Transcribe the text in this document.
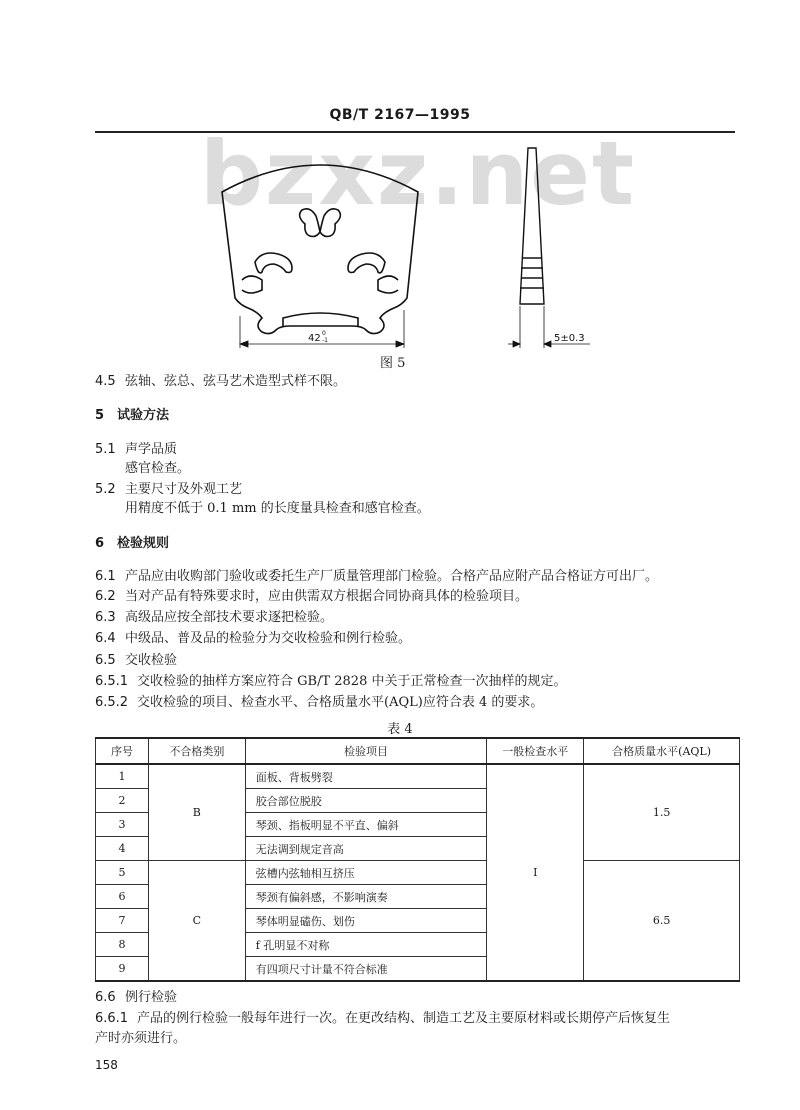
QB/T 2167—1995
bzxz.net
42 0
-1	5±0.3
图 5
4.5 弦轴、弦总、弦马艺术造型式样不限。
5 试验方法
5.1 声学品质
感官检查。
5.2 主要尺寸及外观工艺
用精度不低于 0.1 mm 的长度量具检查和感官检查。
6 检验规则
6.1 产品应由收购部门验收或委托生产厂质量管理部门检验。合格产品应附产品合格证方可出厂。
6.2 当对产品有特殊要求时，应由供需双方根据合同协商具体的检验项目。
6.3 高级品应按全部技术要求逐把检验。
6.4 中级品、普及品的检验分为交收检验和例行检验。
6.5 交收检验
6.5.1 交收检验的抽样方案应符合 GB/T 2828 中关于正常检查一次抽样的规定。
6.5.2 交收检验的项目、检查水平、合格质量水平(AQL)应符合表 4 的要求。
表 4
序号	不合格类别	检验项目	一般检查水平	合格质量水平(AQL)
1	B	面板、背板劈裂	Ⅰ	1.5
2		胶合部位脱胶		
3		琴颈、指板明显不平直、偏斜		
4		无法调到规定音高		
5	C	弦槽内弦轴相互挤压		6.5
6		琴颈有偏斜感，不影响演奏		
7		琴体明显磕伤、划伤		
8		f 孔明显不对称		
9		有四项尺寸计量不符合标准		
6.6 例行检验
6.6.1 产品的例行检验一般每年进行一次。在更改结构、制造工艺及主要原材料或长期停产后恢复生
产时亦须进行。
158
